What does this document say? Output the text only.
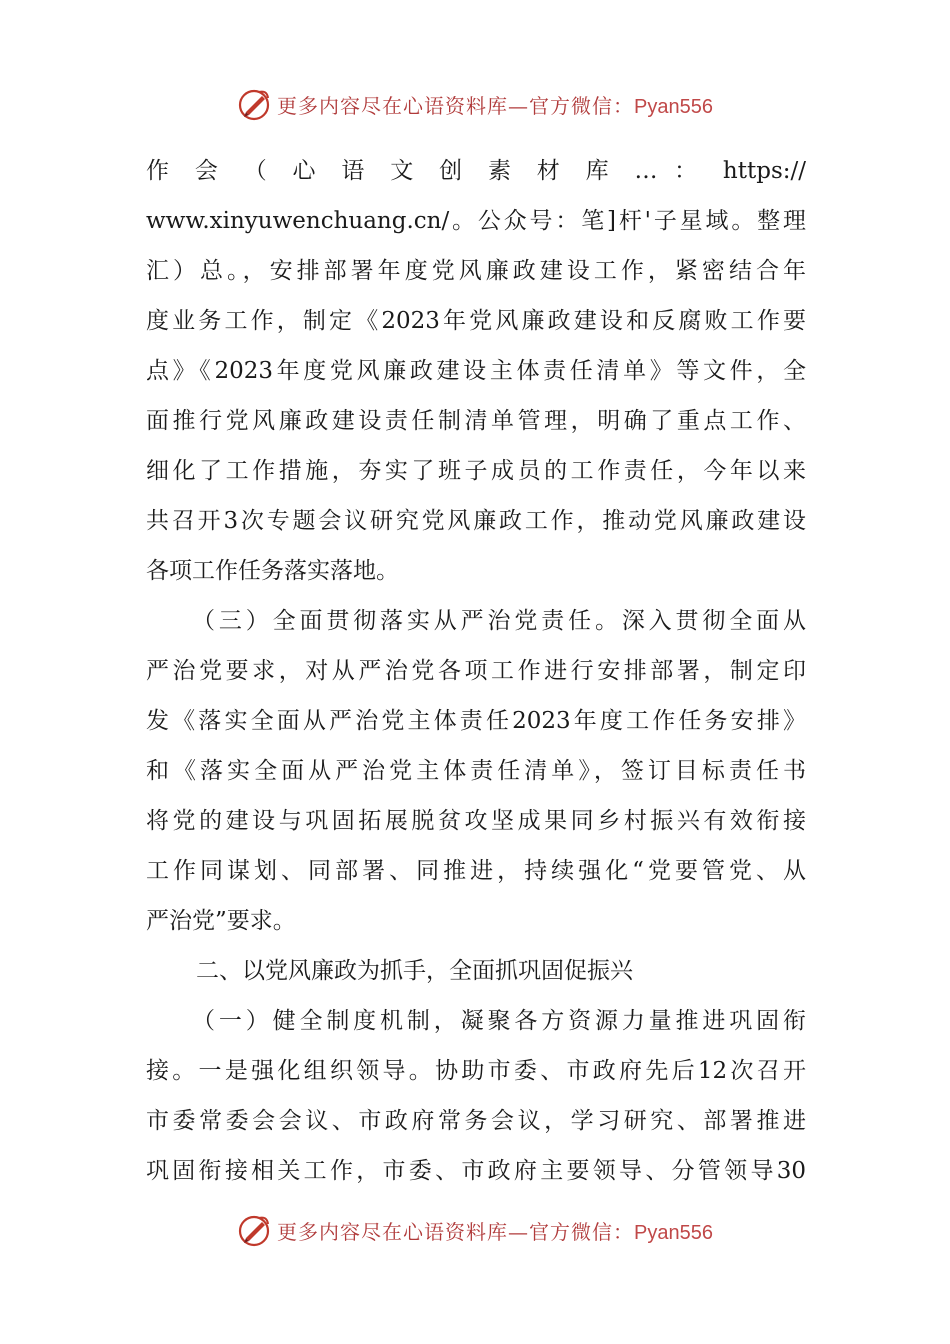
更多内容尽在心语资料库—官方微信：Pyan556
作 会 （ 心 语 文 创 素 材 库 … ： https://
www.xinyuwenchuang.cn/。公众号：笔]杆'子星域。整理
汇）总。，安排部署年度党风廉政建设工作，紧密结合年
度业务工作，制定《2023年党风廉政建设和反腐败工作要
点》《2023年度党风廉政建设主体责任清单》等文件，全
面推行党风廉政建设责任制清单管理，明确了重点工作、
细化了工作措施，夯实了班子成员的工作责任，今年以来
共召开3次专题会议研究党风廉政工作，推动党风廉政建设
各项工作任务落实落地。
（三）全面贯彻落实从严治党责任。深入贯彻全面从
严治党要求，对从严治党各项工作进行安排部署，制定印
发《落实全面从严治党主体责任2023年度工作任务安排》
和《落实全面从严治党主体责任清单》，签订目标责任书
将党的建设与巩固拓展脱贫攻坚成果同乡村振兴有效衔接
工作同谋划、同部署、同推进，持续强化“党要管党、从
严治党”要求。
二、以党风廉政为抓手，全面抓巩固促振兴
（一）健全制度机制，凝聚各方资源力量推进巩固衔
接。一是强化组织领导。协助市委、市政府先后12次召开
市委常委会会议、市政府常务会议，学习研究、部署推进
巩固衔接相关工作，市委、市政府主要领导、分管领导30
更多内容尽在心语资料库—官方微信：Pyan556
